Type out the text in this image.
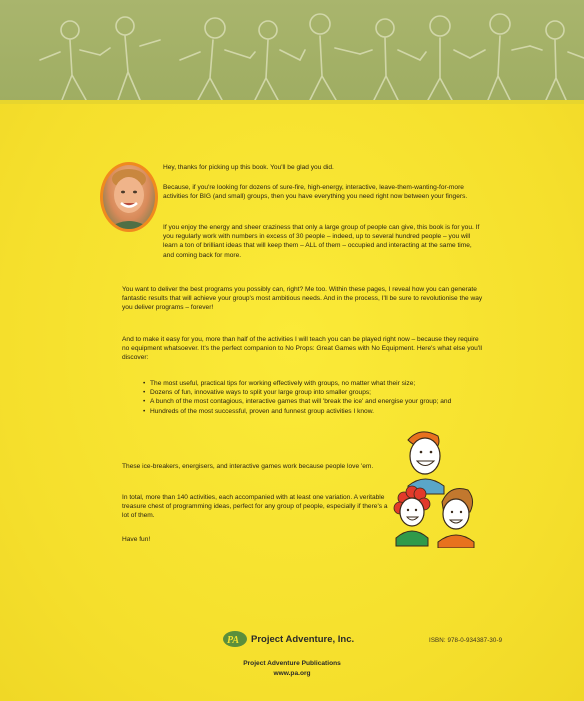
Hey, thanks for picking up this book. You'll be glad you did.

Because, if you're looking for dozens of sure-fire, high-energy, interactive, leave-them-wanting-for-more activities for BIG (and small) groups, then you have everything you need right now between your fingers.

If you enjoy the energy and sheer craziness that only a large group of people can give, this book is for you. If you regularly work with numbers in excess of 30 people – indeed, up to several hundred people – you will learn a ton of brilliant ideas that will keep them – ALL of them – occupied and interacting at the same time, and coming back for more.

You want to deliver the best programs you possibly can, right? Me too. Within these pages, I reveal how you can generate fantastic results that will achieve your group's most ambitious needs. And in the process, I'll be sure to revolutionise the way you deliver programs – forever!

And to make it easy for you, more than half of the activities I will teach you can be played right now – because they require no equipment whatsoever. It's the perfect companion to No Props: Great Games with No Equipment. Here's what else you'll discover:

• The most useful, practical tips for working effectively with groups, no matter what their size;
• Dozens of fun, innovative ways to split your large group into smaller groups;
• A bunch of the most contagious, interactive games that will 'break the ice' and energise your group; and
• Hundreds of the most successful, proven and funnest group activities I know.

These ice-breakers, energisers, and interactive games work because people love 'em.

In total, more than 140 activities, each accompanied with at least one variation. A veritable treasure chest of programming ideas, perfect for any group of people, especially if there's a lot of them.

Have fun!

PA Project Adventure, Inc.	ISBN: 978-0-934387-30-9
Project Adventure Publications
www.pa.org
